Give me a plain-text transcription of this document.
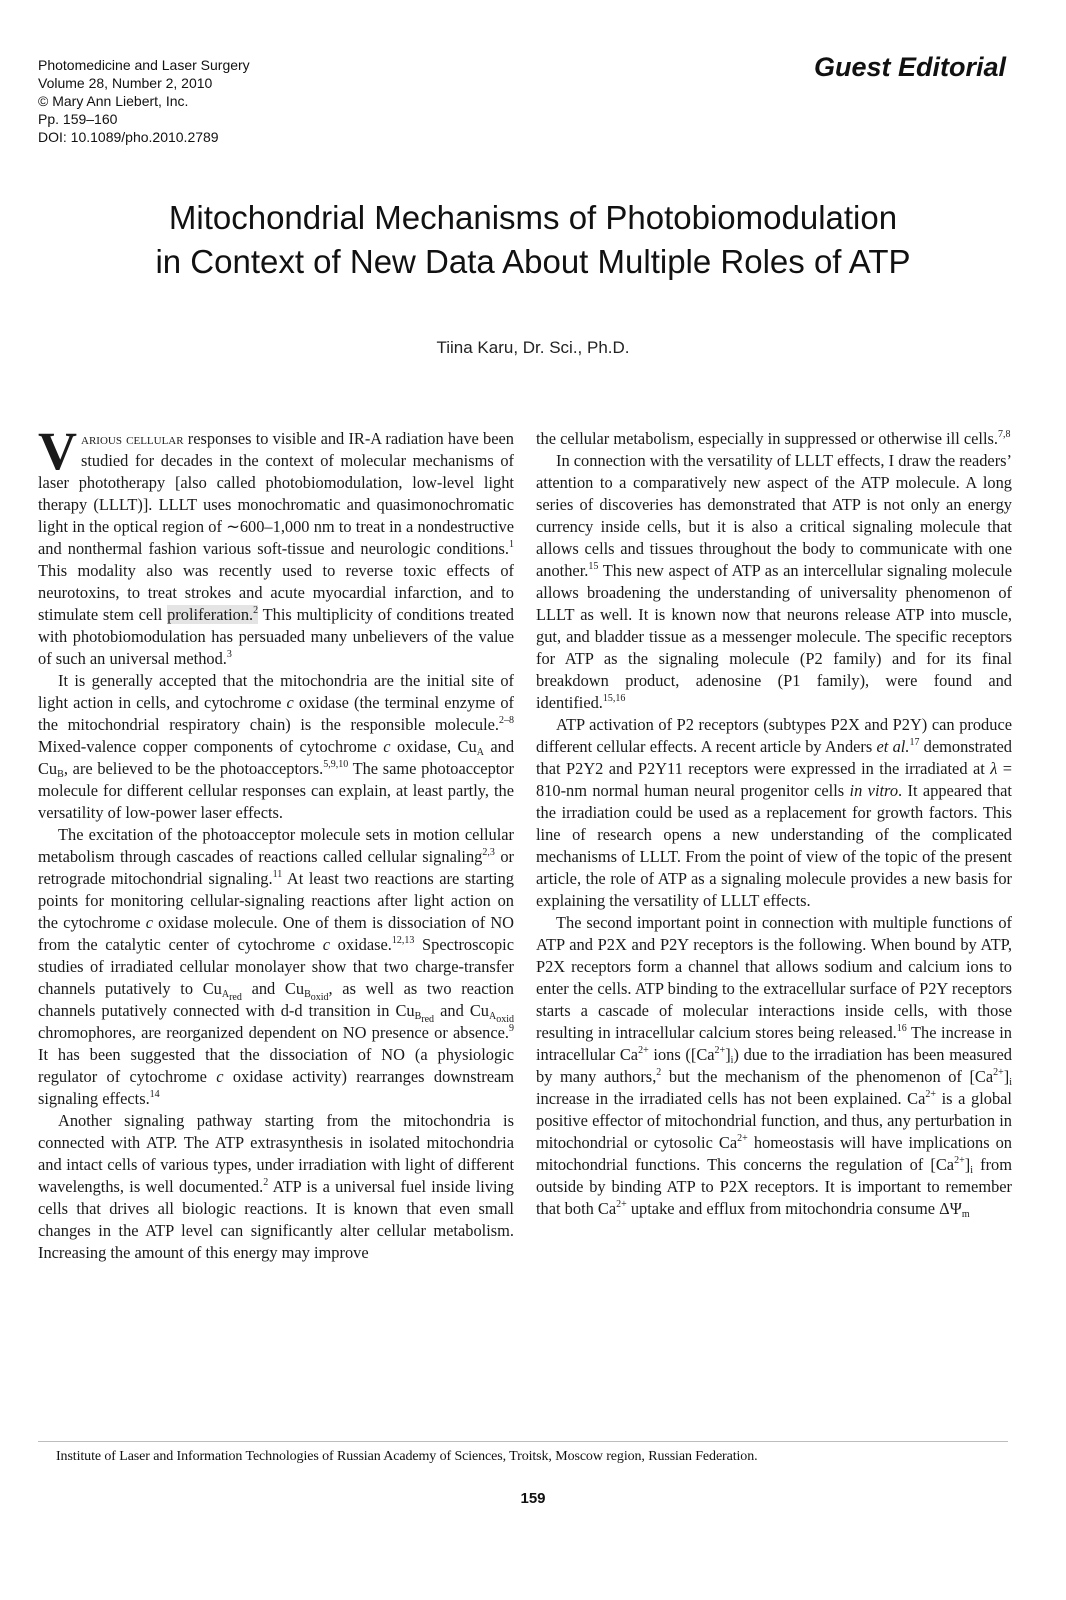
Photomedicine and Laser Surgery
Volume 28, Number 2, 2010
© Mary Ann Liebert, Inc.
Pp. 159–160
DOI: 10.1089/pho.2010.2789
Guest Editorial
Mitochondrial Mechanisms of Photobiomodulation
in Context of New Data About Multiple Roles of ATP
Tiina Karu, Dr. Sci., Ph.D.

Various cellular responses to visible and IR-A radiation have been studied for decades in the context of molecular mechanisms of laser phototherapy [also called photobiomodulation, low-level light therapy (LLLT)]. LLLT uses monochromatic and quasimonochromatic light in the optical region of ∼600–1,000 nm to treat in a nondestructive and nonthermal fashion various soft-tissue and neurologic conditions.$^1$ This modality also was recently used to reverse toxic effects of neurotoxins, to treat strokes and acute myocardial infarction, and to stimulate stem cell proliferation.$^2$ This multiplicity of conditions treated with photobiomodulation has persuaded many unbelievers of the value of such an universal method.$^3$

It is generally accepted that the mitochondria are the initial site of light action in cells, and cytochrome c oxidase (the terminal enzyme of the mitochondrial respiratory chain) is the responsible molecule.$^{2-8}$ Mixed-valence copper components of cytochrome c oxidase, $Cu_A$ and $Cu_B$, are believed to be the photoacceptors.$^{5,9,10}$ The same photoacceptor molecule for different cellular responses can explain, at least partly, the versatility of low-power laser effects.

The excitation of the photoacceptor molecule sets in motion cellular metabolism through cascades of reactions called cellular signaling$^{2,3}$ or retrograde mitochondrial signaling.$^{11}$ At least two reactions are starting points for monitoring cellular-signaling reactions after light action on the cytochrome c oxidase molecule. One of them is dissociation of NO from the catalytic center of cytochrome c oxidase.$^{12,13}$ Spectroscopic studies of irradiated cellular monolayer show that two charge-transfer channels putatively to $Cu_{A_{red}}$ and $Cu_{B_{oxid}}$, as well as two reaction channels putatively connected with d-d transition in $Cu_{B_{red}}$ and $Cu_{A_{oxid}}$ chromophores, are reorganized dependent on NO presence or absence.$^9$ It has been suggested that the dissociation of NO (a physiologic regulator of cytochrome c oxidase activity) rearranges downstream signaling effects.$^{14}$

Another signaling pathway starting from the mitochondria is connected with ATP. The ATP extrasynthesis in isolated mitochondria and intact cells of various types, under irradiation with light of different wavelengths, is well documented.$^2$ ATP is a universal fuel inside living cells that drives all biologic reactions. It is known that even small changes in the ATP level can significantly alter cellular metabolism. Increasing the amount of this energy may improve

the cellular metabolism, especially in suppressed or otherwise ill cells.$^{7,8}$

In connection with the versatility of LLLT effects, I draw the readers’ attention to a comparatively new aspect of the ATP molecule. A long series of discoveries has demonstrated that ATP is not only an energy currency inside cells, but it is also a critical signaling molecule that allows cells and tissues throughout the body to communicate with one another.$^{15}$ This new aspect of ATP as an intercellular signaling molecule allows broadening the understanding of universality phenomenon of LLLT as well. It is known now that neurons release ATP into muscle, gut, and bladder tissue as a messenger molecule. The specific receptors for ATP as the signaling molecule (P2 family) and for its final breakdown product, adenosine (P1 family), were found and identified.$^{15,16}$

ATP activation of P2 receptors (subtypes P2X and P2Y) can produce different cellular effects. A recent article by Anders et al.$^{17}$ demonstrated that P2Y2 and P2Y11 receptors were expressed in the irradiated at λ = 810-nm normal human neural progenitor cells in vitro. It appeared that the irradiation could be used as a replacement for growth factors. This line of research opens a new understanding of the complicated mechanisms of LLLT. From the point of view of the topic of the present article, the role of ATP as a signaling molecule provides a new basis for explaining the versatility of LLLT effects.

The second important point in connection with multiple functions of ATP and P2X and P2Y receptors is the following. When bound by ATP, P2X receptors form a channel that allows sodium and calcium ions to enter the cells. ATP binding to the extracellular surface of P2Y receptors starts a cascade of molecular interactions inside cells, with those resulting in intracellular calcium stores being released.$^{16}$ The increase in intracellular $Ca^{2+}$ ions $([Ca^{2+}]_i)$ due to the irradiation has been measured by many authors,$^2$ but the mechanism of the phenomenon of $[Ca^{2+}]_i$ increase in the irradiated cells has not been explained. $Ca^{2+}$ is a global positive effector of mitochondrial function, and thus, any perturbation in mitochondrial or cytosolic $Ca^{2+}$ homeostasis will have implications on mitochondrial functions. This concerns the regulation of $[Ca^{2+}]_i$ from outside by binding ATP to P2X receptors. It is important to remember that both $Ca^{2+}$ uptake and efflux from mitochondria consume $\Delta\Psi_m$

Institute of Laser and Information Technologies of Russian Academy of Sciences, Troitsk, Moscow region, Russian Federation.
159
